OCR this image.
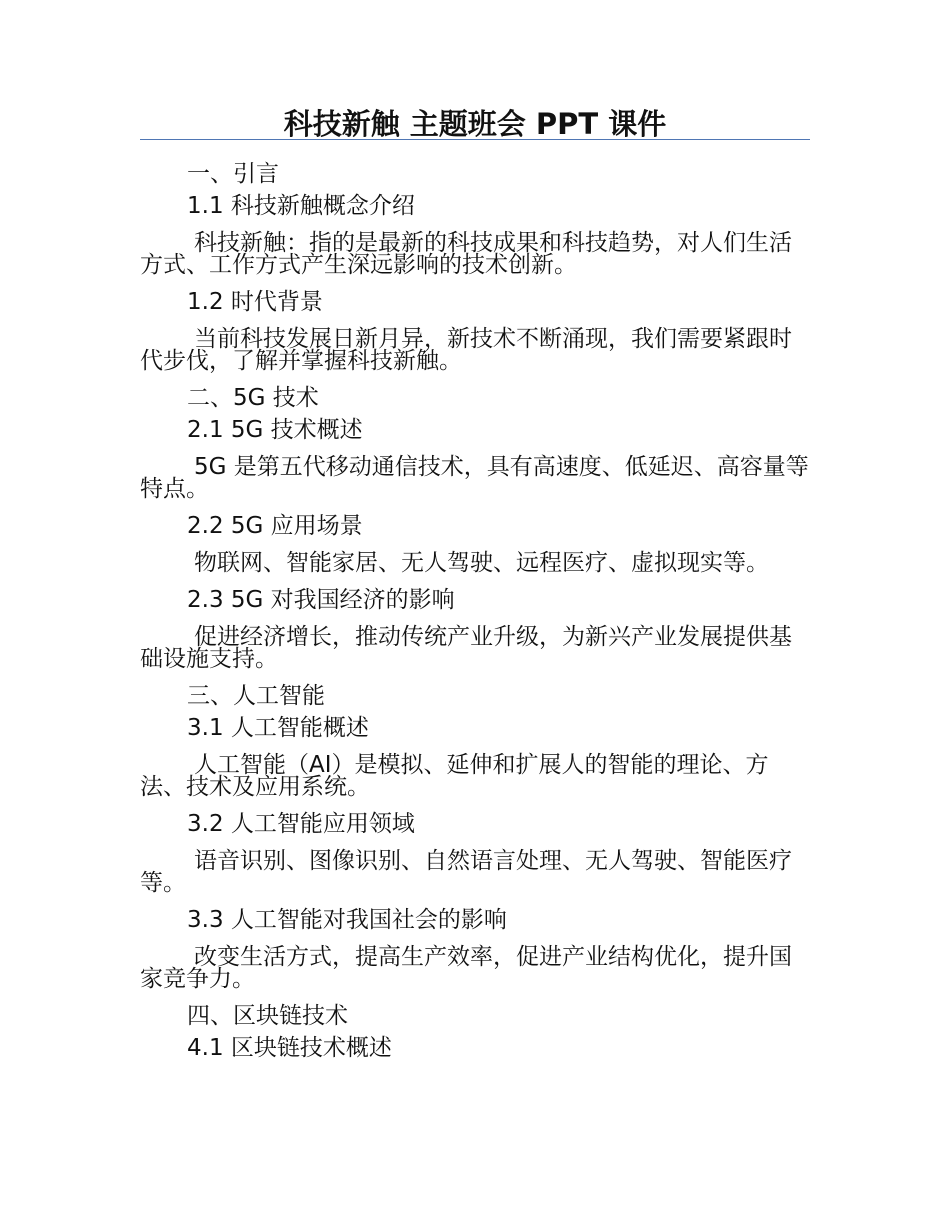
科技新触 主题班会 PPT 课件
一、引言
1.1 科技新触概念介绍
科技新触：指的是最新的科技成果和科技趋势，对人们生活方式、工作方式产生深远影响的技术创新。
1.2 时代背景
当前科技发展日新月异，新技术不断涌现，我们需要紧跟时代步伐，了解并掌握科技新触。
二、5G 技术
2.1 5G 技术概述
5G 是第五代移动通信技术，具有高速度、低延迟、高容量等特点。
2.2 5G 应用场景
物联网、智能家居、无人驾驶、远程医疗、虚拟现实等。
2.3 5G 对我国经济的影响
促进经济增长，推动传统产业升级，为新兴产业发展提供基础设施支持。
三、人工智能
3.1 人工智能概述
人工智能（AI）是模拟、延伸和扩展人的智能的理论、方法、技术及应用系统。
3.2 人工智能应用领域
语音识别、图像识别、自然语言处理、无人驾驶、智能医疗等。
3.3 人工智能对我国社会的影响
改变生活方式，提高生产效率，促进产业结构优化，提升国家竞争力。
四、区块链技术
4.1 区块链技术概述
